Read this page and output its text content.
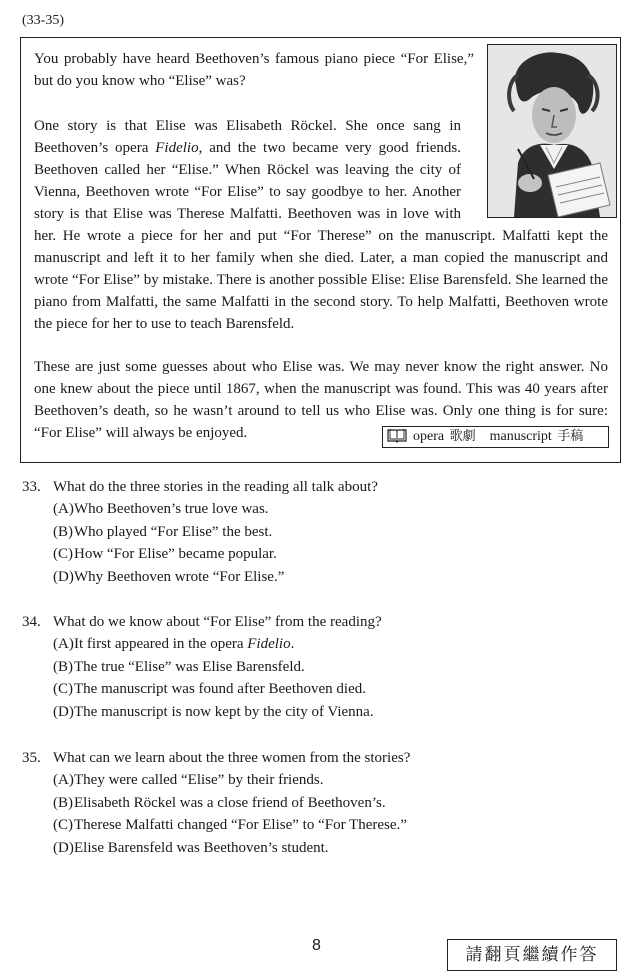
(33-35)

You probably have heard Beethoven’s famous piano piece “For Elise,” but do you know who “Elise” was?

One story is that Elise was Elisabeth Röckel. She once sang in Beethoven’s opera Fidelio, and the two became very good friends. Beethoven called her “Elise.” When Röckel was leaving the city of Vienna, Beethoven wrote “For Elise” to say goodbye to her. Another story is that Elise was Therese Malfatti. Beethoven was in love with her. He wrote a piece for her and put “For Therese” on the manuscript. Malfatti kept the manuscript and left it to her family when she died. Later, a man copied the manuscript and wrote “For Elise” by mistake. There is another possible Elise: Elise Barensfeld. She learned the piano from Malfatti, the same Malfatti in the second story. To help Malfatti, Beethoven wrote the piece for her to use to teach Barensfeld.

These are just some guesses about who Elise was. We may never know the right answer. No one knew about the piece until 1867, when the manuscript was found. This was 40 years after Beethoven’s death, so he wasn’t around to tell us who Elise was. Only one thing is for sure: “For Elise” will always be enjoyed.	opera 歌劇 manuscript 手稿
33. What do the three stories in the reading all talk about?
(A)Who Beethoven’s true love was.
(B)Who played “For Elise” the best.
(C)How “For Elise” became popular.
(D)Why Beethoven wrote “For Elise.”
34. What do we know about “For Elise” from the reading?
(A)It first appeared in the opera Fidelio.
(B)The true “Elise” was Elise Barensfeld.
(C)The manuscript was found after Beethoven died.
(D)The manuscript is now kept by the city of Vienna.
35. What can we learn about the three women from the stories?
(A)They were called “Elise” by their friends.
(B)Elisabeth Röckel was a close friend of Beethoven’s.
(C)Therese Malfatti changed “For Elise” to “For Therese.”
(D)Elise Barensfeld was Beethoven’s student.
8	請翻頁繼續作答
